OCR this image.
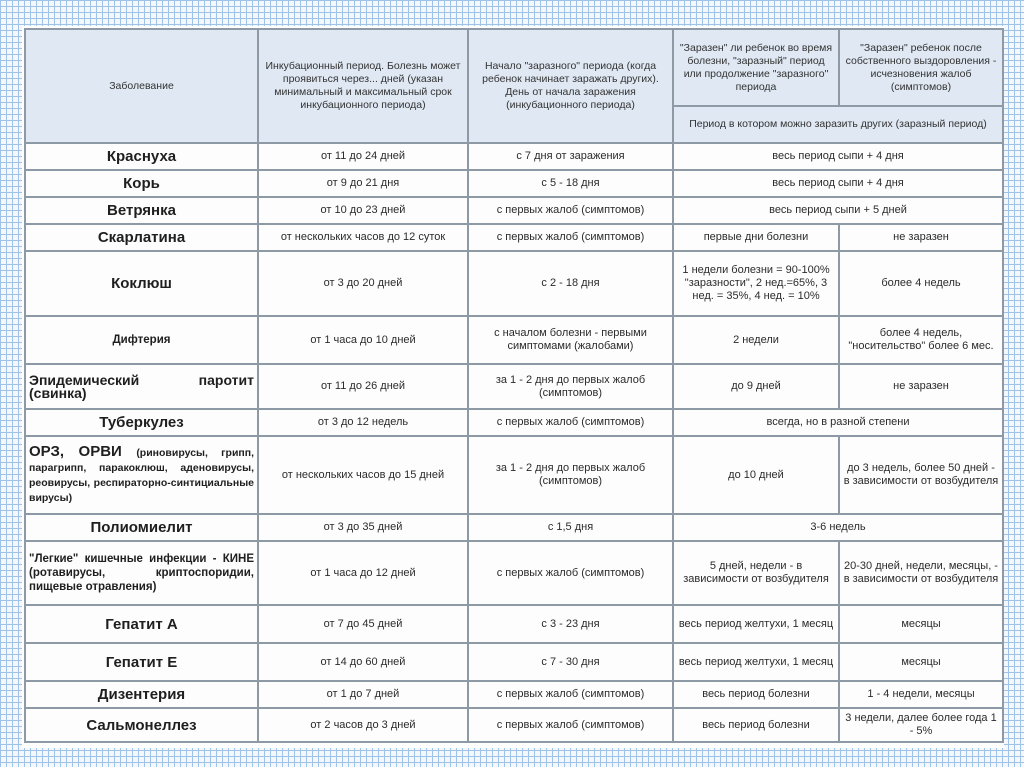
Заболевание	Инкубационный период. Болезнь может проявиться через... дней (указан минимальный и максимальный срок инкубационного периода)	Начало "заразного" периода (когда ребенок начинает заражать других). День от начала заражения (инкубационного периода)	"Заразен" ли ребенок во время болезни, "заразный" период или продолжение "заразного" периода	"Заразен" ребенок после собственного выздоровления - исчезновения жалоб (симптомов)
			Период в котором можно заразить других (заразный период)	
Краснуха	от 11 до 24 дней	с 7 дня от заражения	весь период сыпи + 4 дня	
Корь	от 9 до 21 дня	с 5 - 18 дня	весь период сыпи + 4 дня	
Ветрянка	от 10 до 23 дней	с первых жалоб (симптомов)	весь период сыпи + 5 дней	
Скарлатина	от нескольких часов до 12 суток	с первых жалоб (симптомов)	первые дни болезни	не заразен
Коклюш	от 3 до 20 дней	с 2 - 18 дня	1 недели болезни = 90-100% "заразности", 2 нед.=65%, 3 нед. = 35%, 4 нед. = 10%	более 4 недель
Дифтерия	от 1 часа до 10 дней	с началом болезни - первыми симптомами (жалобами)	2 недели	более 4 недель, "носительство" более 6 мес.
Эпидемический паротит (свинка)	от 11 до 26 дней	за 1 - 2 дня до первых жалоб (симптомов)	до 9 дней	не заразен
Туберкулез	от 3 до 12 недель	с первых жалоб (симптомов)	всегда, но в разной степени	
ОРЗ, ОРВИ (риновирусы, грипп, парагрипп, пapакоклюш, аденовирусы, реовирусы, респираторно-синтициальные вирусы)	от нескольких часов до 15 дней	за 1 - 2 дня до первых жалоб (симптомов)	до 10 дней	до 3 недель, более 50 дней - в зависимости от возбудителя
Полиомиелит	от 3 до 35 дней	с 1,5 дня	3-6 недель	
"Легкие" кишечные инфекции - КИНЕ (ротавирусы, криптоспоридии, пищевые отравления)	от 1 часа до 12 дней	с первых жалоб (симптомов)	5 дней, недели - в зависимости от возбудителя	20-30 дней, недели, месяцы, - в зависимости от возбудителя
Гепатит А	от 7 до 45 дней	с 3 - 23 дня	весь период желтухи, 1 месяц	месяцы
Гепатит Е	от 14 до 60 дней	с 7 - 30 дня	весь период желтухи, 1 месяц	месяцы
Дизентерия	от 1 до 7 дней	с первых жалоб (симптомов)	весь период болезни	1 - 4 недели, месяцы
Сальмонеллез	от 2 часов до 3 дней	с первых жалоб (симптомов)	весь период болезни	3 недели, далее более года 1 - 5%
